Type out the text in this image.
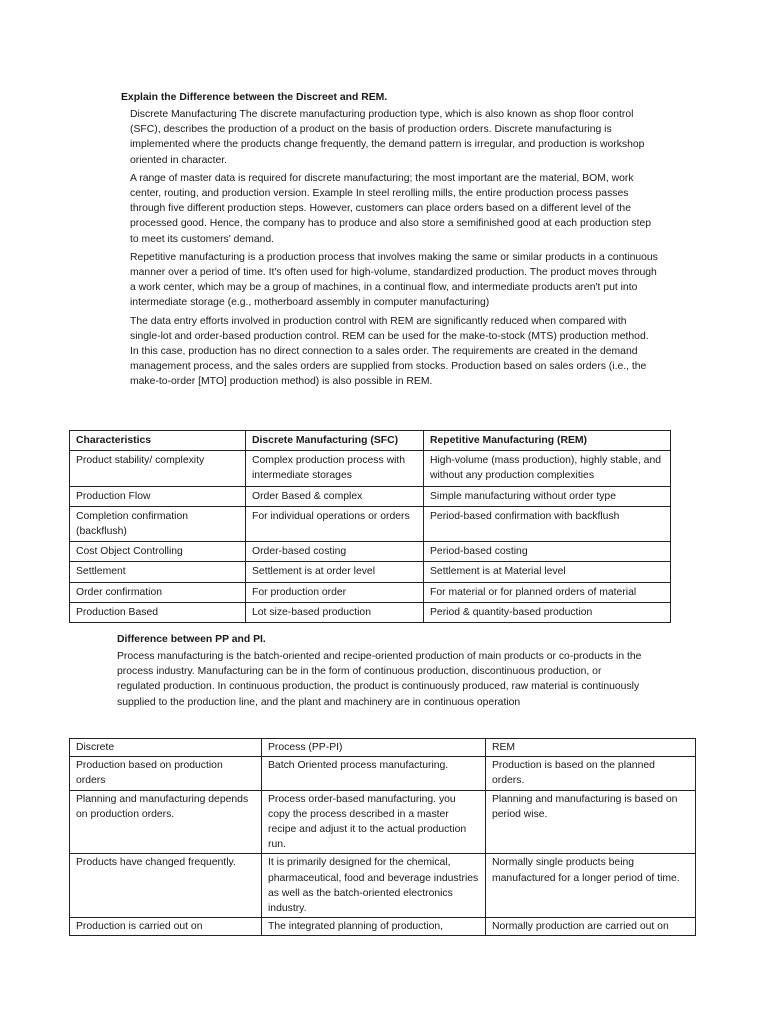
Explain the Difference between the Discreet and REM.

Discrete Manufacturing The discrete manufacturing production type, which is also known as shop floor control (SFC), describes the production of a product on the basis of production orders. Discrete manufacturing is implemented where the products change frequently, the demand pattern is irregular, and production is workshop oriented in character.

A range of master data is required for discrete manufacturing; the most important are the material, BOM, work center, routing, and production version. Example In steel rerolling mills, the entire production process passes through five different production steps. However, customers can place orders based on a different level of the processed good. Hence, the company has to produce and also store a semifinished good at each production step to meet its customers' demand.

Repetitive manufacturing is a production process that involves making the same or similar products in a continuous manner over a period of time. It's often used for high-volume, standardized production. The product moves through a work center, which may be a group of machines, in a continual flow, and intermediate products aren't put into intermediate storage (e.g., motherboard assembly in computer manufacturing)

The data entry efforts involved in production control with REM are significantly reduced when compared with single-lot and order-based production control. REM can be used for the make-to-stock (MTS) production method. In this case, production has no direct connection to a sales order. The requirements are created in the demand management process, and the sales orders are supplied from stocks. Production based on sales orders (i.e., the make-to-order [MTO] production method) is also possible in REM.

Characteristics	Discrete Manufacturing (SFC)	Repetitive Manufacturing (REM)
Product stability/ complexity	Complex production process with intermediate storages	High-volume (mass production), highly stable, and without any production complexities
Production Flow	Order Based & complex	Simple manufacturing without order type
Completion confirmation (backflush)	For individual operations or orders	Period-based confirmation with backflush
Cost Object Controlling	Order-based costing	Period-based costing
Settlement	Settlement is at order level	Settlement is at Material level
Order confirmation	For production order	For material or for planned orders of material
Production Based	Lot size-based production	Period & quantity-based production
Difference between PP and PI.

Process manufacturing is the batch-oriented and recipe-oriented production of main products or co-products in the process industry. Manufacturing can be in the form of continuous production, discontinuous production, or regulated production. In continuous production, the product is continuously produced, raw material is continuously supplied to the production line, and the plant and machinery are in continuous operation

Discrete	Process (PP-PI)	REM
Production based on production orders	Batch Oriented process manufacturing.	Production is based on the planned orders.
Planning and manufacturing depends on production orders.	Process order-based manufacturing. you copy the process described in a master recipe and adjust it to the actual production run.	Planning and manufacturing is based on period wise.
Products have changed frequently.	It is primarily designed for the chemical, pharmaceutical, food and beverage industries as well as the batch-oriented electronics industry.	Normally single products being manufactured for a longer period of time.
Production is carried out on	The integrated planning of production,	Normally production are carried out on
